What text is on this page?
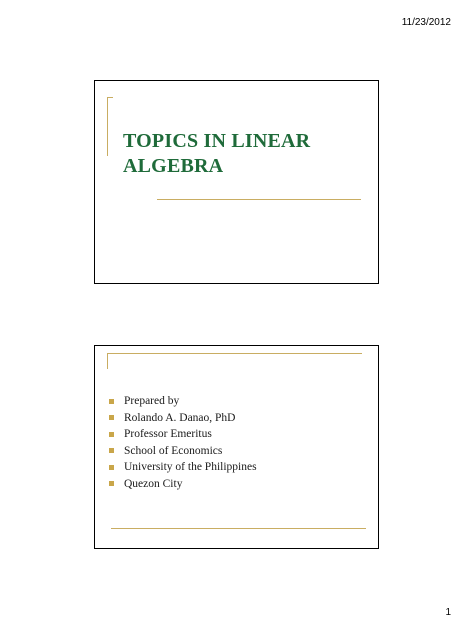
11/23/2012
TOPICS IN LINEAR ALGEBRA
Prepared by
Rolando A. Danao, PhD
Professor Emeritus
School of Economics
University of the Philippines
Quezon City
1
